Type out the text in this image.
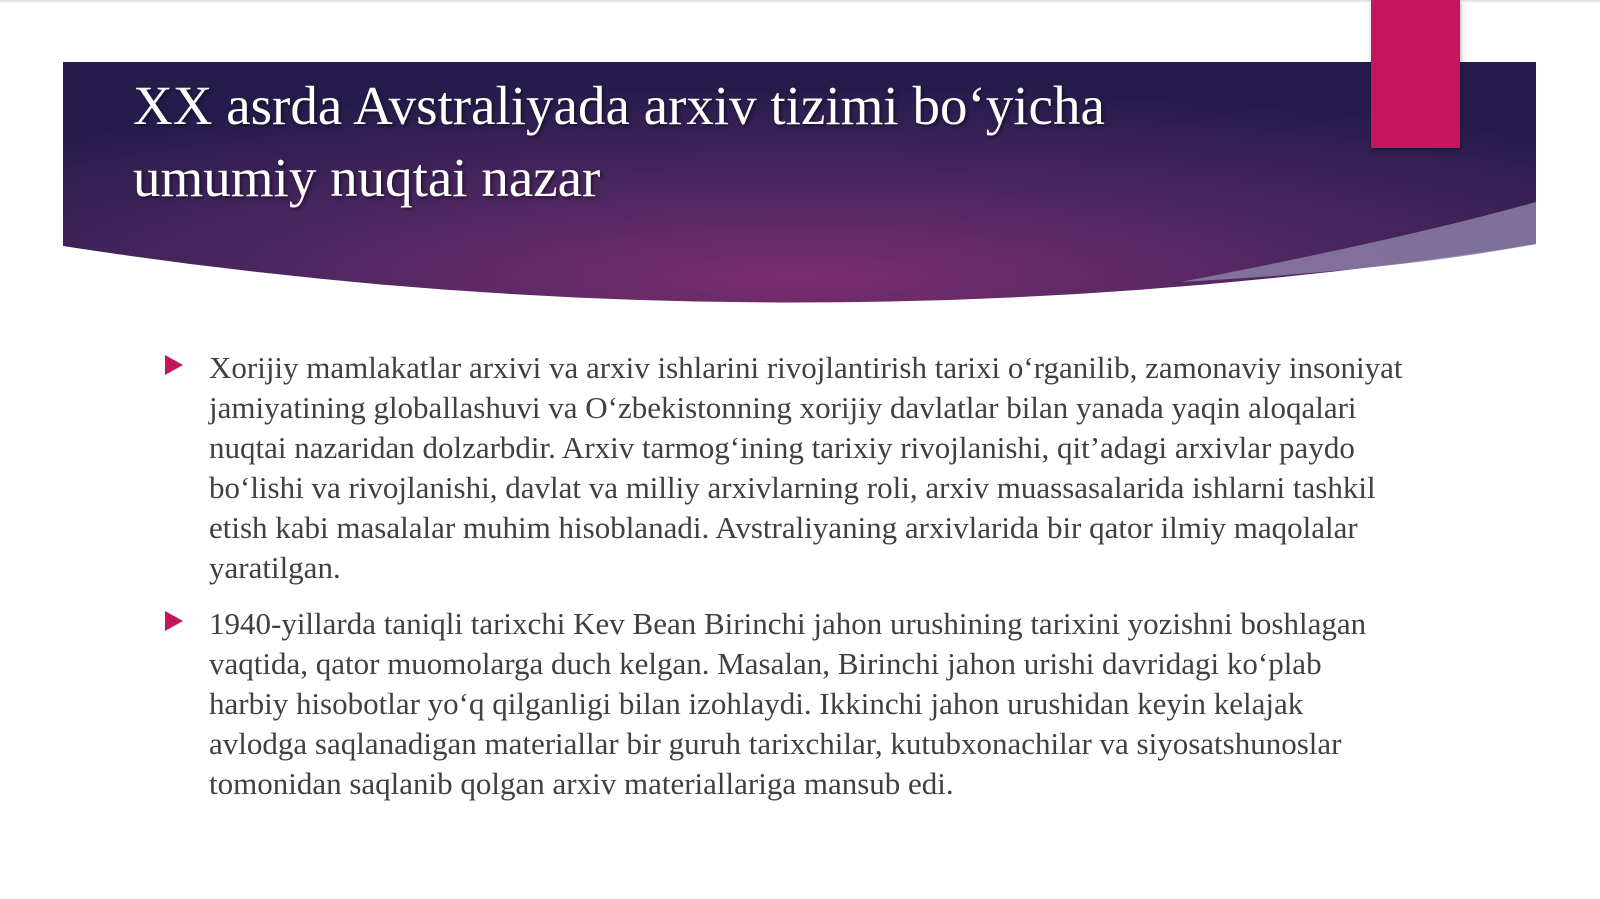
XX asrda Avstraliyada arxiv tizimi bo‘yicha
umumiy nuqtai nazar
Xorijiy mamlakatlar arxivi va arxiv ishlarini rivojlantirish tarixi o‘rganilib, zamonaviy insoniyat jamiyatining globallashuvi va O‘zbekistonning xorijiy davlatlar bilan yanada yaqin aloqalari nuqtai nazaridan dolzarbdir. Arxiv tarmog‘ining tarixiy rivojlanishi, qit’adagi arxivlar paydo bo‘lishi va rivojlanishi, davlat va milliy arxivlarning roli, arxiv muassasalarida ishlarni tashkil etish kabi masalalar muhim hisoblanadi. Avstraliyaning arxivlarida bir qator ilmiy maqolalar yaratilgan.
1940-yillarda taniqli tarixchi Kev Bean Birinchi jahon urushining tarixini yozishni boshlagan vaqtida, qator muomolarga duch kelgan. Masalan, Birinchi jahon urishi davridagi ko‘plab harbiy hisobotlar yo‘q qilganligi bilan izohlaydi. Ikkinchi jahon urushidan keyin kelajak avlodga saqlanadigan materiallar bir guruh tarixchilar, kutubxonachilar va siyosatshunoslar tomonidan saqlanib qolgan arxiv materiallariga mansub edi.
